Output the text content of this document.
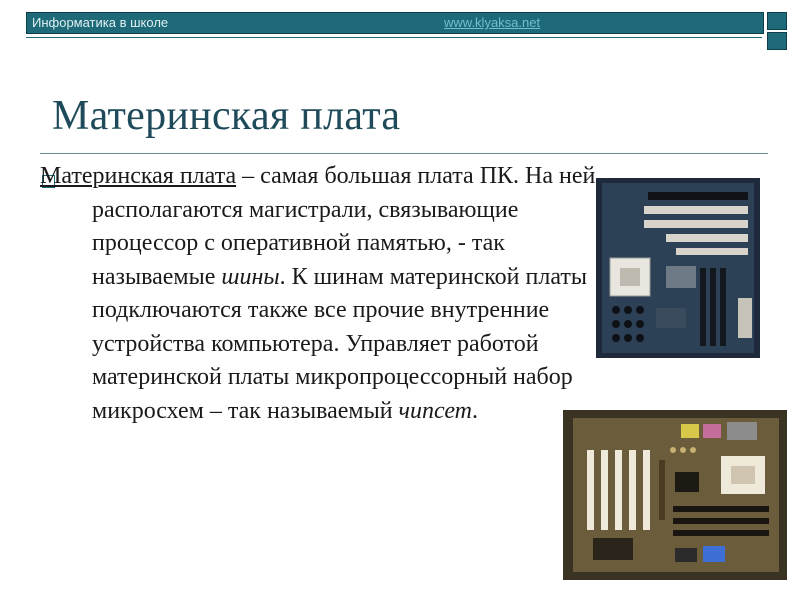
Информатика в школе	www.klyaksa.net
Материнская плата
Материнская плата – самая большая плата ПК. На ней располагаются магистрали, связывающие процессор с оперативной памятью, - так называемые шины. К шинам материнской платы подключаются также все прочие внутренние устройства компьютера. Управляет работой материнской платы микропроцессорный набор микросхем – так называемый чипсет.
